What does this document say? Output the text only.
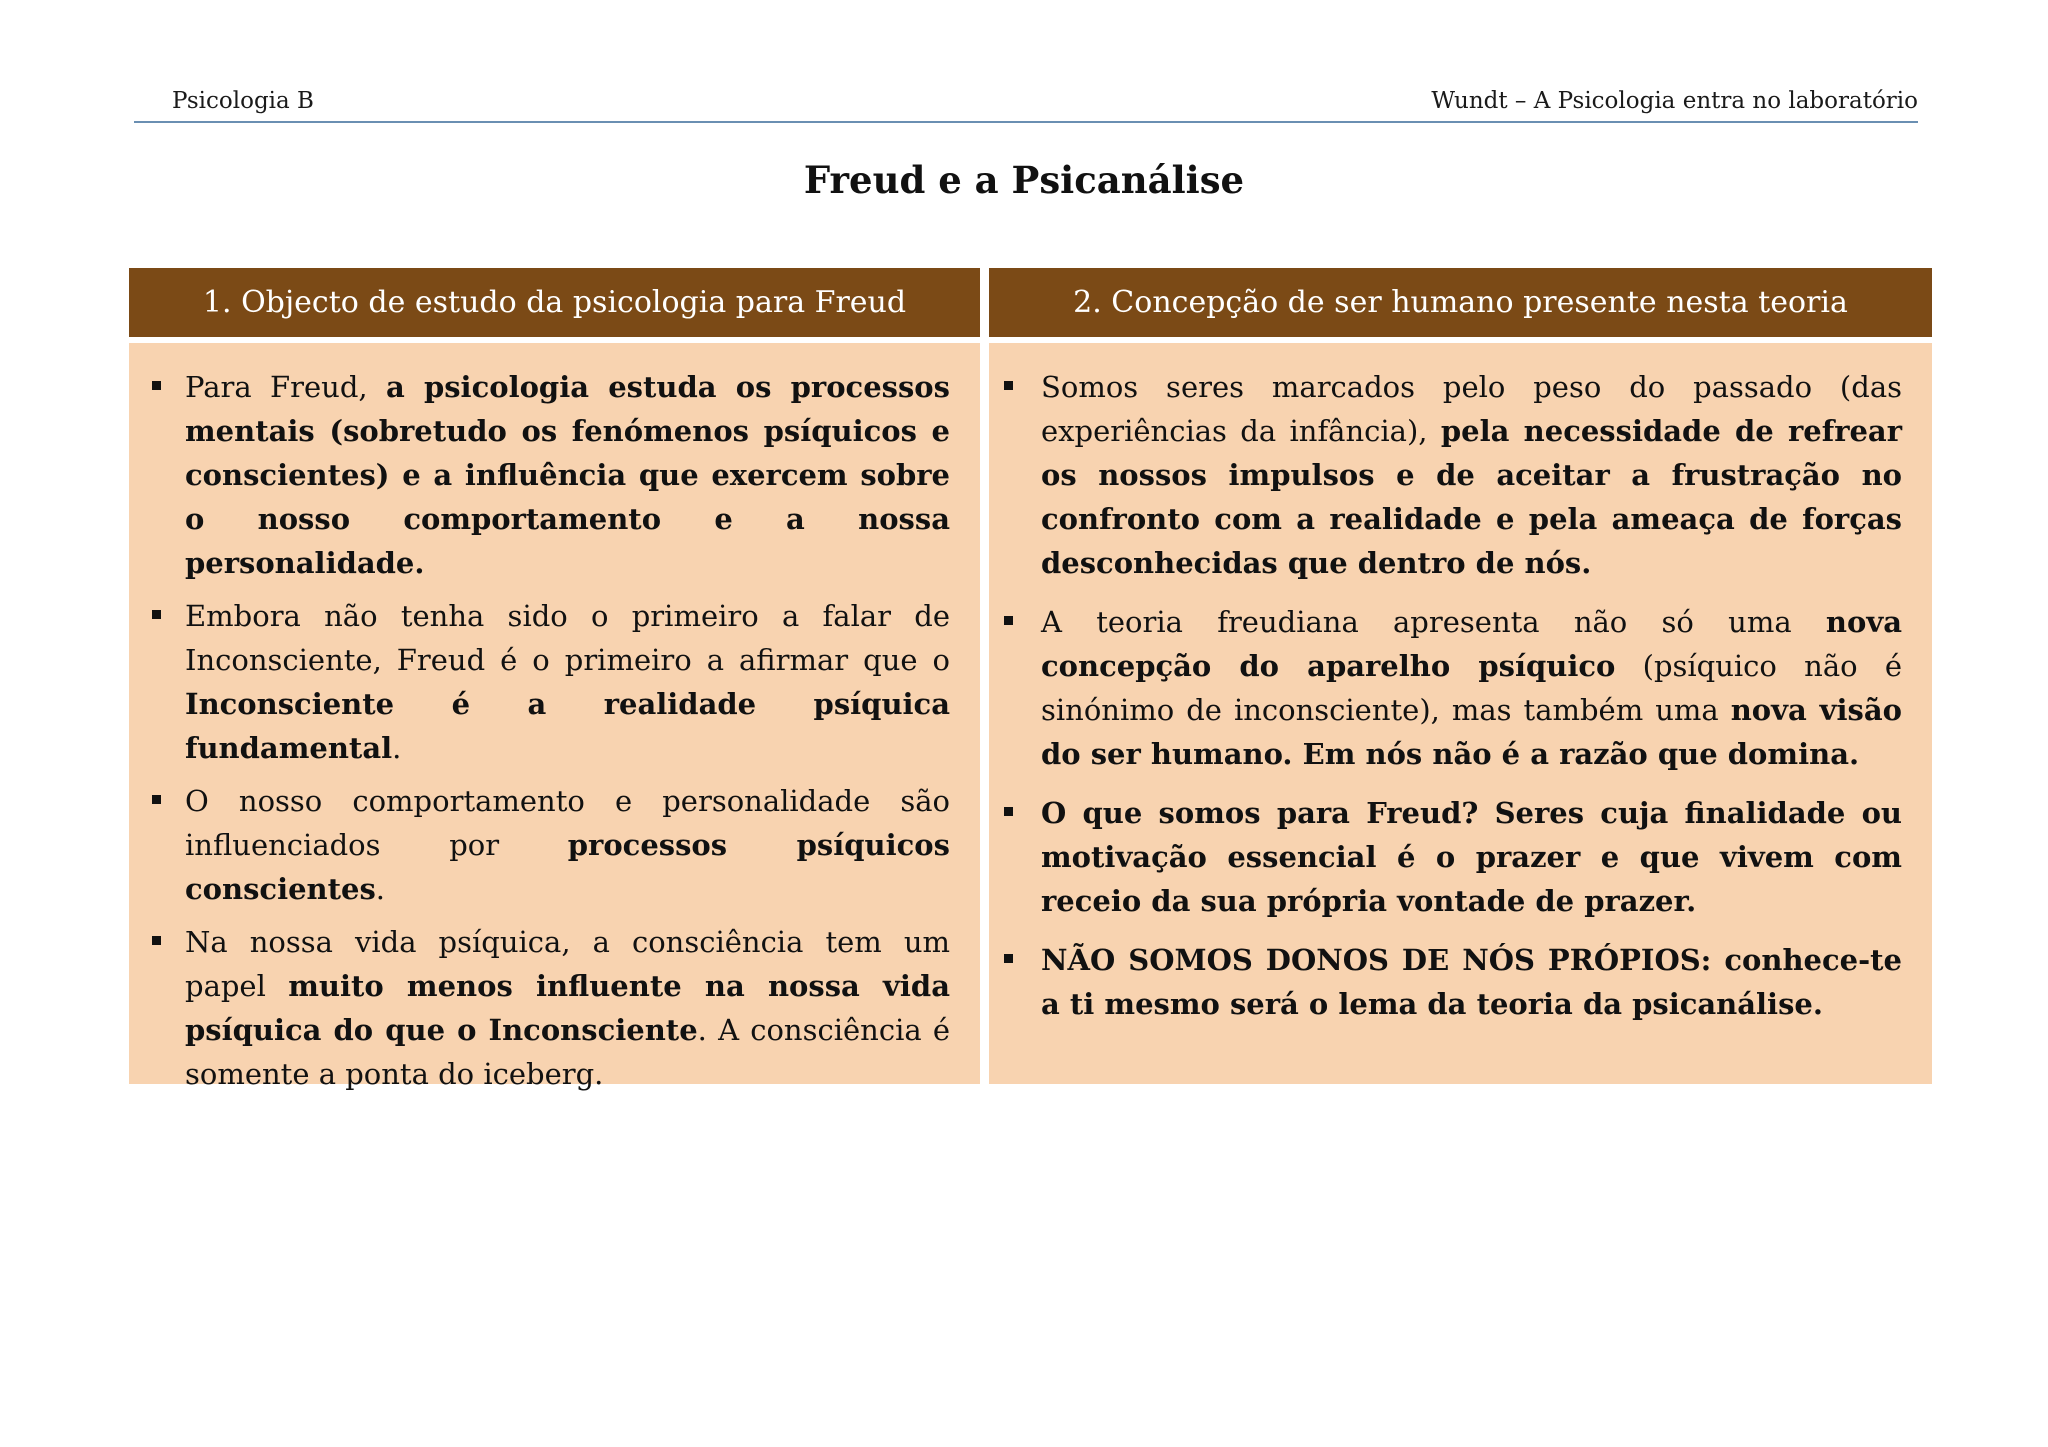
Psicologia B	Wundt – A Psicologia entra no laboratório
Freud e a Psicanálise
1. Objecto de estudo da psicologia para Freud
Para Freud, a psicologia estuda os processos mentais (sobretudo os fenómenos psíquicos e conscientes) e a influência que exercem sobre o nosso comportamento e a nossa personalidade.
Embora não tenha sido o primeiro a falar de Inconsciente, Freud é o primeiro a afirmar que o Inconsciente é a realidade psíquica fundamental.
O nosso comportamento e personalidade são influenciados por processos psíquicos conscientes.
Na nossa vida psíquica, a consciência tem um papel muito menos influente na nossa vida psíquica do que o Inconsciente. A consciência é somente a ponta do iceberg.
2. Concepção de ser humano presente nesta teoria
Somos seres marcados pelo peso do passado (das experiências da infância), pela necessidade de refrear os nossos impulsos e de aceitar a frustração no confronto com a realidade e pela ameaça de forças desconhecidas que dentro de nós.
A teoria freudiana apresenta não só uma nova concepção do aparelho psíquico (psíquico não é sinónimo de inconsciente), mas também uma nova visão do ser humano. Em nós não é a razão que domina.
O que somos para Freud? Seres cuja finalidade ou motivação essencial é o prazer e que vivem com receio da sua própria vontade de prazer.
NÃO SOMOS DONOS DE NÓS PRÓPIOS: conhece-te a ti mesmo será o lema da teoria da psicanálise.
